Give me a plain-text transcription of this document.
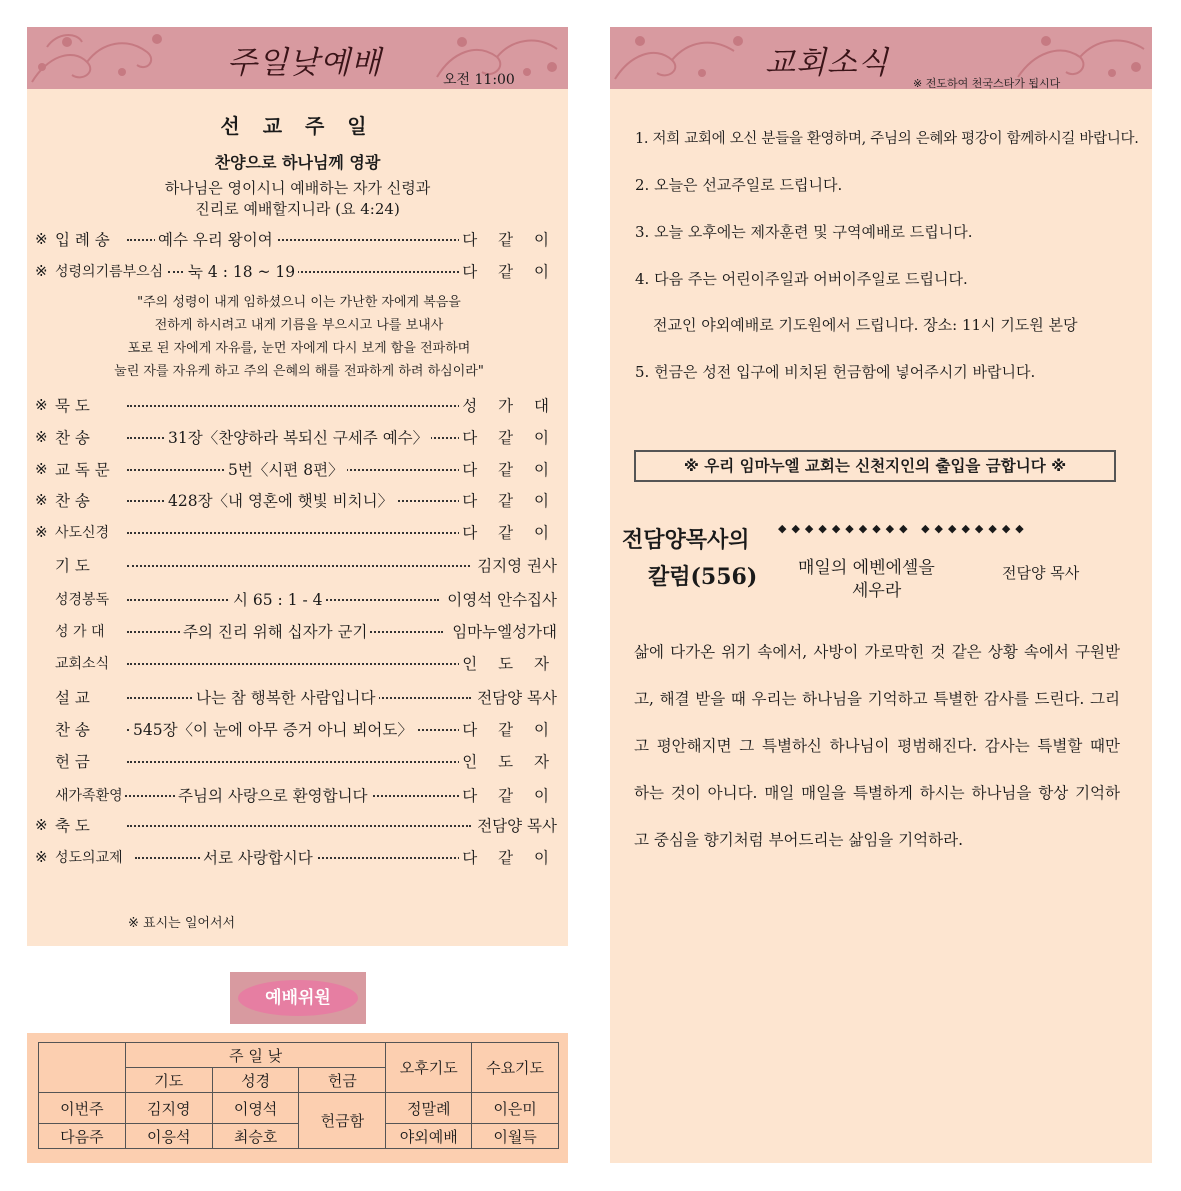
주일낮예배	오전 11:00
선 교 주 일
찬양으로 하나님께 영광
하나님은 영이시니 예배하는 자가 신령과
진리로 예배할지니라 (요 4:24)
※ 입 례 송	예수 우리 왕이여	다 같 이
※ 성령의기름부으심 눅 4 : 18 ~ 19	다 같 이
※ 묵 도	성 가 대
※ 찬 송	31장〈찬양하라 복되신 구세주 예수〉 다 같 이
※ 교 독 문	5번〈시편 8편〉	다 같 이
※ 찬 송	428장〈내 영혼에 햇빛 비치니〉	다 같 이
※ 사도신경	다 같 이
기 도	김지영 권사
성경봉독	시 65 : 1 - 4	이영석 안수집사
성 가 대	주의 진리 위해 십자가 군기	임마누엘성가대
교회소식	인 도 자
설 교	나는 참 행복한 사람입니다	전담양 목사
찬 송	545장〈이 눈에 아무 증거 아니 뵈어도〉	다 같 이
헌 금	인 도 자
새가족환영	주님의 사랑으로 환영합니다	다 같 이
※ 축 도	전담양 목사
※ 성도의교제	서로 사랑합시다	다 같 이
"주의 성령이 내게 임하셨으니 이는 가난한 자에게 복음을
전하게 하시려고 내게 기름을 부으시고 나를 보내사
포로 된 자에게 자유를, 눈먼 자에게 다시 보게 함을 전파하며
눌린 자를 자유케 하고 주의 은혜의 해를 전파하게 하려 하심이라"
※ 표시는 일어서서
예배위원
	주 일 낮			오후기도	수요기도
	기도	성경	헌금		
이번주	김지영	이영석	헌금함	정말례	이은미
다음주	이응석	최승호		야외예배	이월득
교회소식
※ 전도하여 천국스타가 됩시다
1. 저희 교회에 오신 분들을 환영하며, 주님의 은혜와 평강이 함께하시길 바랍니다.
2. 오늘은 선교주일로 드립니다.
3. 오늘 오후에는 제자훈련 및 구역예배로 드립니다.
4. 다음 주는 어린이주일과 어버이주일로 드립니다.
전교인 야외예배로 기도원에서 드립니다. 장소: 11시 기도원 본당
5. 헌금은 성전 입구에 비치된 헌금함에 넣어주시기 바랍니다.
※ 우리 임마누엘 교회는 신천지인의 출입을 금합니다 ※
전담양목사의
칼럼(556)
◆◆◆◆◆◆◆◆◆◆ ◆◆◆◆◆◆◆◆
매일의 에벤에셀을
세우라
전담양 목사
삶에 다가온 위기 속에서, 사방이 가로막힌 것 같은 상황 속에서 구원받
고, 해결 받을 때 우리는 하나님을 기억하고 특별한 감사를 드린다. 그리
고 평안해지면 그 특별하신 하나님이 평범해진다. 감사는 특별할 때만
하는 것이 아니다. 매일 매일을 특별하게 하시는 하나님을 항상 기억하
고 중심을 향기처럼 부어드리는 삶임을 기억하라.
